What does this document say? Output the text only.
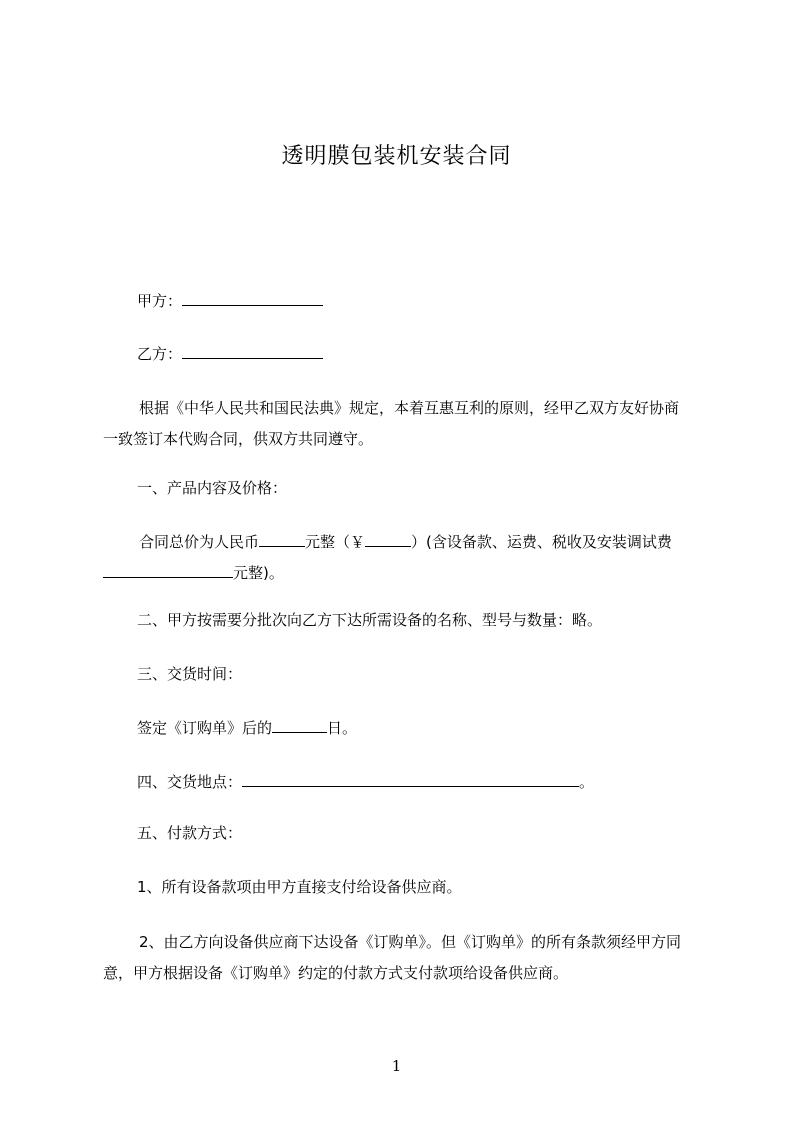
透明膜包装机安装合同
甲方：
乙方：
根据《中华人民共和国民法典》规定，本着互惠互利的原则，经甲乙双方友好协商一致签订本代购合同，供双方共同遵守。
一、产品内容及价格：
合同总价为人民币	元整（￥	）(含设备款、运费、税收及安装调试费元整)。
二、甲方按需要分批次向乙方下达所需设备的名称、型号与数量：略。
三、交货时间：
签定《订购单》后的	日。
四、交货地点：	。
五、付款方式：
1、所有设备款项由甲方直接支付给设备供应商。
2、由乙方向设备供应商下达设备《订购单》。但《订购单》的所有条款须经甲方同意，甲方根据设备《订购单》约定的付款方式支付款项给设备供应商。
1
